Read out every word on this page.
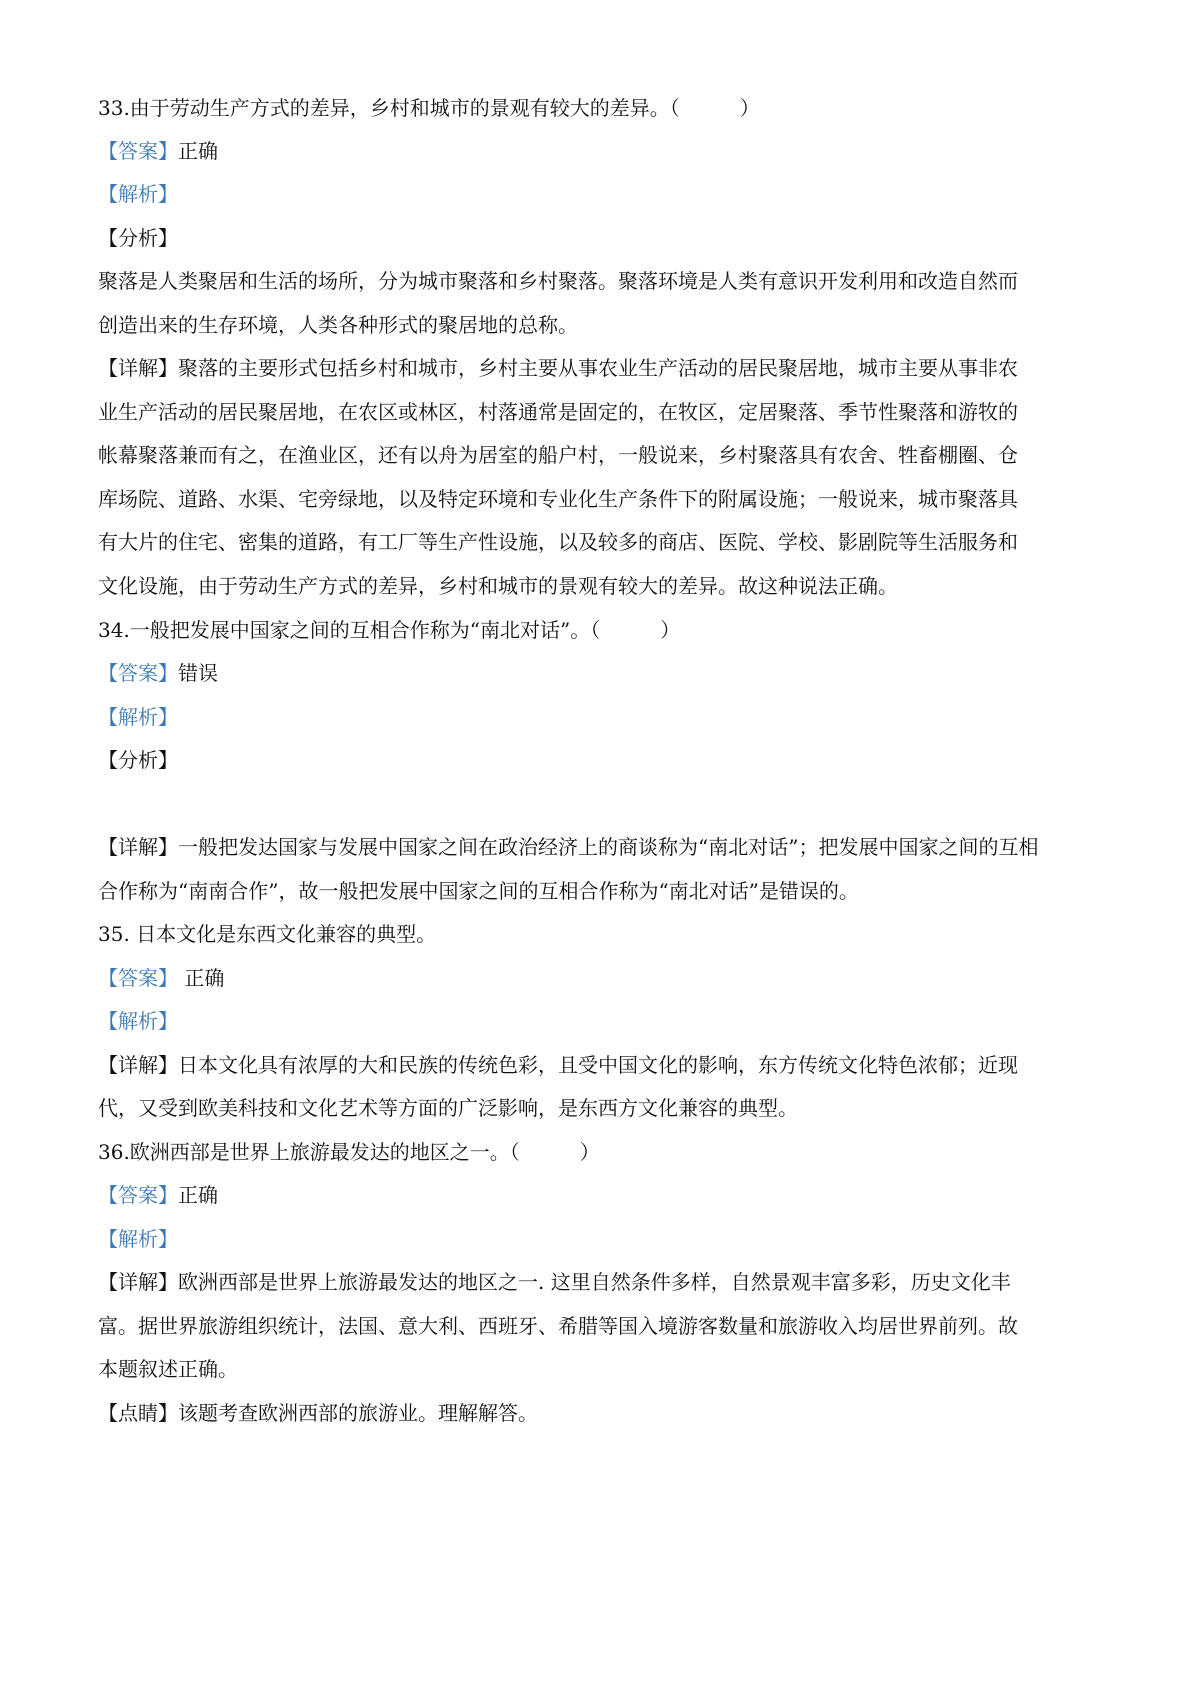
33.由于劳动生产方式的差异，乡村和城市的景观有较大的差异。（　　　）
【答案】正确
【解析】
【分析】
聚落是人类聚居和生活的场所，分为城市聚落和乡村聚落。聚落环境是人类有意识开发利用和改造自然而
创造出来的生存环境，人类各种形式的聚居地的总称。
【详解】聚落的主要形式包括乡村和城市，乡村主要从事农业生产活动的居民聚居地，城市主要从事非农
业生产活动的居民聚居地，在农区或林区，村落通常是固定的，在牧区，定居聚落、季节性聚落和游牧的
帐幕聚落兼而有之，在渔业区，还有以舟为居室的船户村，一般说来，乡村聚落具有农舍、牲畜棚圈、仓
库场院、道路、水渠、宅旁绿地，以及特定环境和专业化生产条件下的附属设施；一般说来，城市聚落具
有大片的住宅、密集的道路，有工厂等生产性设施，以及较多的商店、医院、学校、影剧院等生活服务和
文化设施，由于劳动生产方式的差异，乡村和城市的景观有较大的差异。故这种说法正确。
34.一般把发展中国家之间的互相合作称为“南北对话”。（　　　）
【答案】错误
【解析】
【分析】
【详解】一般把发达国家与发展中国家之间在政治经济上的商谈称为“南北对话”；把发展中国家之间的互相
合作称为“南南合作”，故一般把发展中国家之间的互相合作称为“南北对话”是错误的。
35. 日本文化是东西文化兼容的典型。
【答案】 正确
【解析】
【详解】日本文化具有浓厚的大和民族的传统色彩，且受中国文化的影响，东方传统文化特色浓郁；近现
代，又受到欧美科技和文化艺术等方面的广泛影响，是东西方文化兼容的典型。
36.欧洲西部是世界上旅游最发达的地区之一。（　　　）
【答案】正确
【解析】
【详解】欧洲西部是世界上旅游最发达的地区之一. 这里自然条件多样，自然景观丰富多彩，历史文化丰
富。据世界旅游组织统计，法国、意大利、西班牙、希腊等国入境游客数量和旅游收入均居世界前列。故
本题叙述正确。
【点睛】该题考查欧洲西部的旅游业。理解解答。
